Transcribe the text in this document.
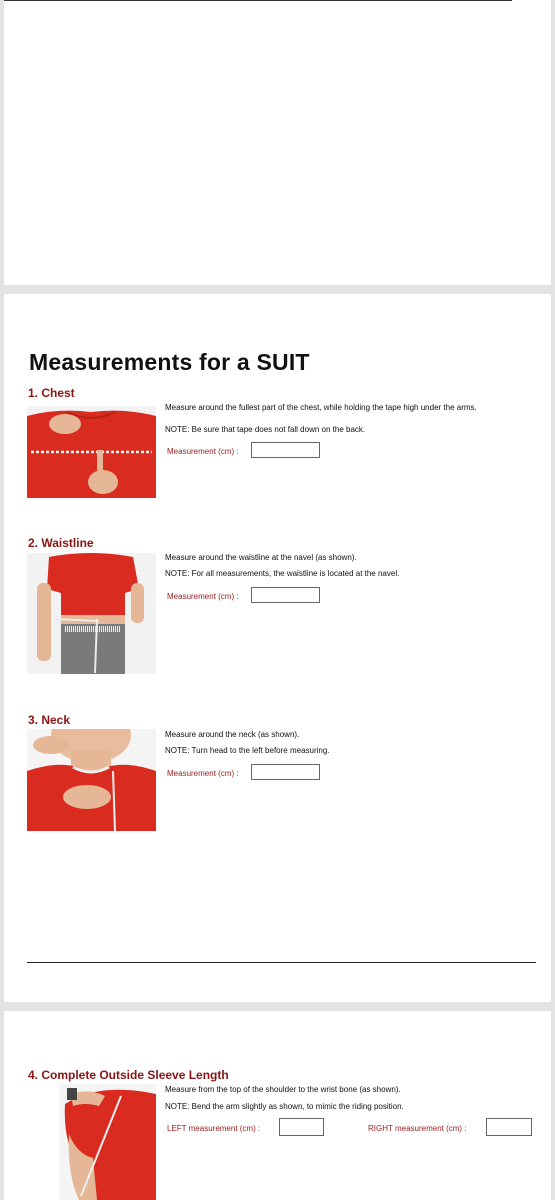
Measurements for a SUIT
1. Chest
Measure around the fullest part of the chest, while holding the tape high under the arms.
NOTE: Be sure that tape does not fall down on the back.
Measurement (cm) :
2. Waistline
Measure around the waistline at the navel (as shown).
NOTE: For all measurements, the waistline is located at the navel.
Measurement (cm) :
3. Neck
Measure around the neck (as shown).
NOTE: Turn head to the left before measuring.
Measurement (cm) :
4. Complete Outside Sleeve Length
Measure from the top of the shoulder to the wrist bone (as shown).
NOTE: Bend the arm slightly as shown, to mimic the riding position.
LEFT measurement (cm) :	RIGHT measurement (cm) :
